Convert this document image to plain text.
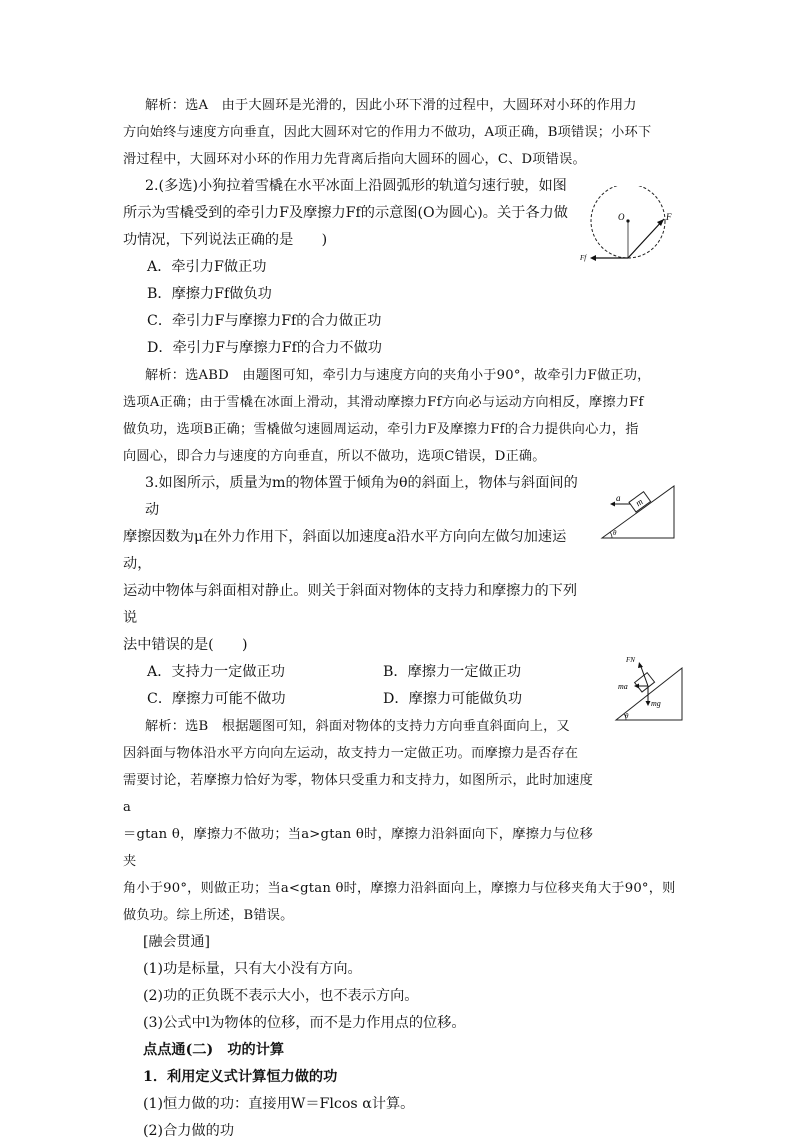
O	F
Ff
m
a
θ
FN
ma
mg
θ

解析：选A　由于大圆环是光滑的，因此小环下滑的过程中，大圆环对小环的作用力

方向始终与速度方向垂直，因此大圆环对它的作用力不做功，A项正确，B项错误；小环下

滑过程中，大圆环对小环的作用力先背离后指向大圆环的圆心，C、D项错误。

2.(多选)小狗拉着雪橇在水平冰面上沿圆弧形的轨道匀速行驶，如图

所示为雪橇受到的牵引力F及摩擦力Ff的示意图(O为圆心)。关于各力做

功情况，下列说法正确的是　　)

A．牵引力F做正功

B．摩擦力Ff做负功

C．牵引力F与摩擦力Ff的合力做正功

D．牵引力F与摩擦力Ff的合力不做功

解析：选ABD　由题图可知，牵引力与速度方向的夹角小于90°，故牵引力F做正功，

选项A正确；由于雪橇在冰面上滑动，其滑动摩擦力Ff方向必与运动方向相反，摩擦力Ff

做负功，选项B正确；雪橇做匀速圆周运动，牵引力F及摩擦力Ff的合力提供向心力，指

向圆心，即合力与速度的方向垂直，所以不做功，选项C错误，D正确。

3.如图所示，质量为m的物体置于倾角为θ的斜面上，物体与斜面间的动

摩擦因数为μ在外力作用下，斜面以加速度a沿水平方向向左做匀加速运动，

运动中物体与斜面相对静止。则关于斜面对物体的支持力和摩擦力的下列说

法中错误的是(　　)

A．支持力一定做正功	B．摩擦力一定做正功
C．摩擦力可能不做功	D．摩擦力可能做负功

解析：选B　根据题图可知，斜面对物体的支持力方向垂直斜面向上，又

因斜面与物体沿水平方向向左运动，故支持力一定做正功。而摩擦力是否存在

需要讨论，若摩擦力恰好为零，物体只受重力和支持力，如图所示，此时加速度a

＝gtan θ，摩擦力不做功；当a>gtan θ时，摩擦力沿斜面向下，摩擦力与位移夹

角小于90°，则做正功；当a<gtan θ时，摩擦力沿斜面向上，摩擦力与位移夹角大于90°，则

做负功。综上所述，B错误。

[融会贯通]

(1)功是标量，只有大小没有方向。

(2)功的正负既不表示大小，也不表示方向。

(3)公式中l为物体的位移，而不是力作用点的位移。

点点通(二)　功的计算

1．利用定义式计算恒力做的功

(1)恒力做的功：直接用W＝Flcos α计算。

(2)合力做的功
